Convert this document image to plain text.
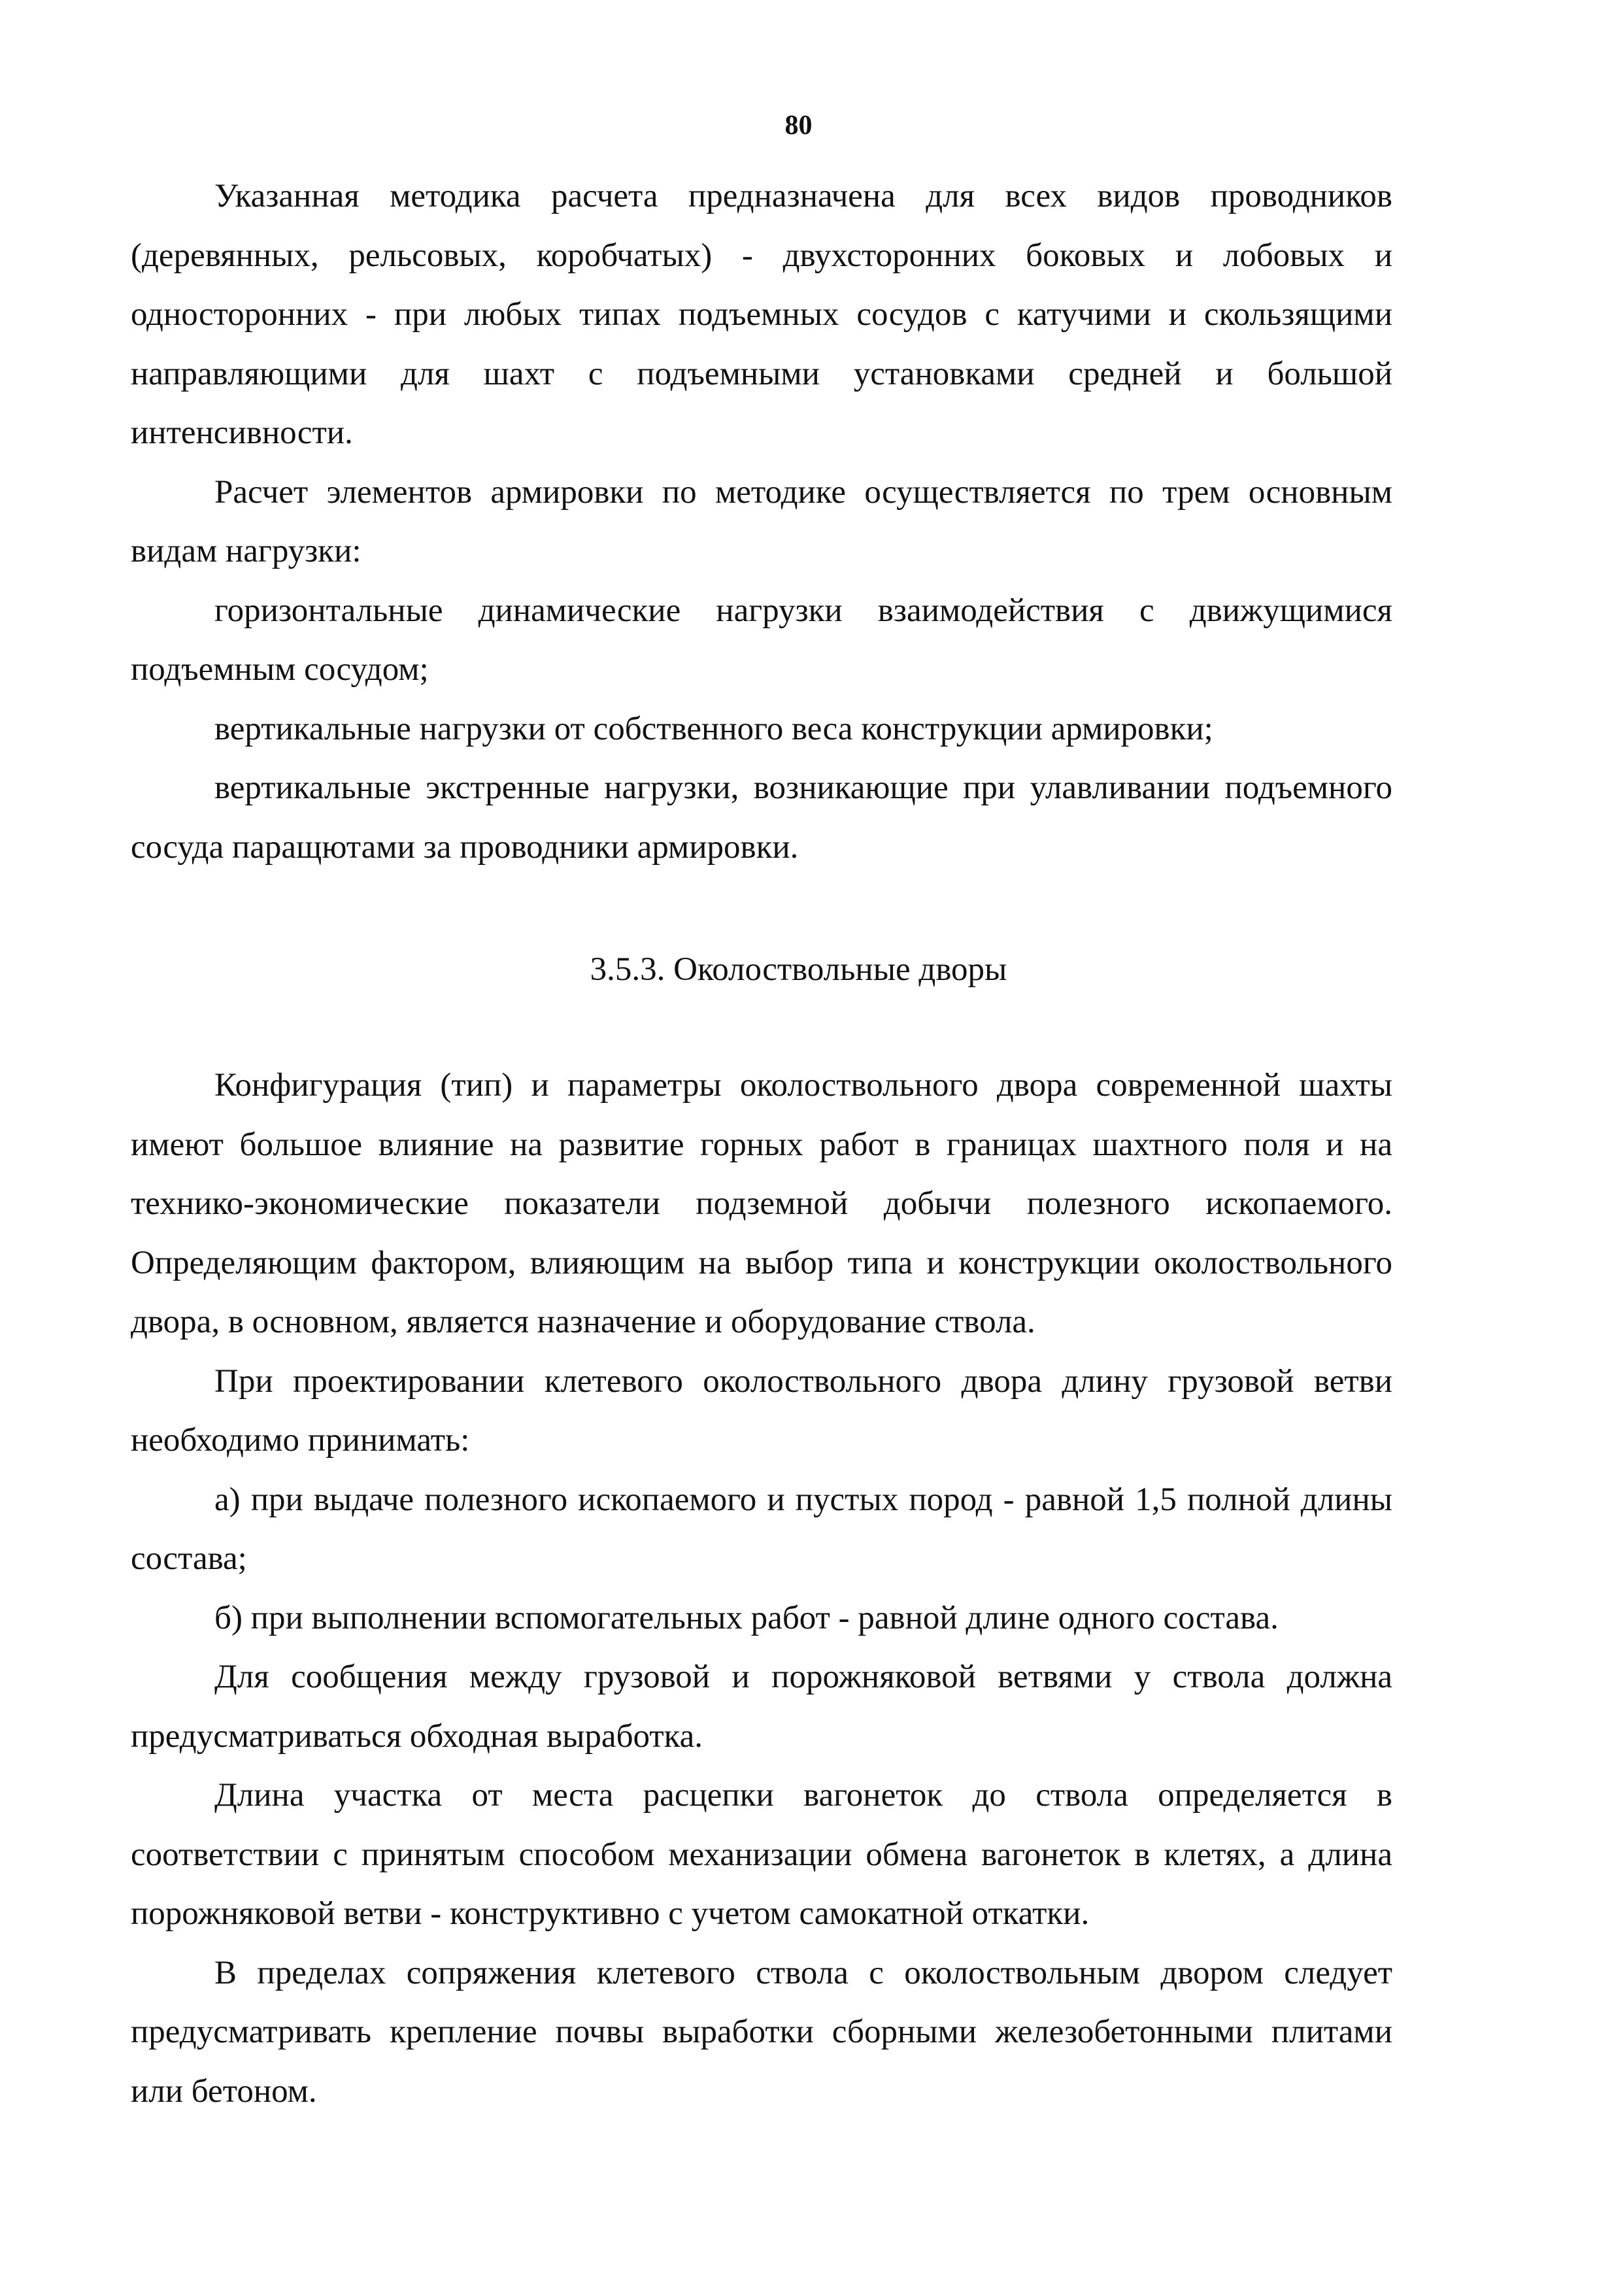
80

Указанная методика расчета предназначена для всех видов проводников (деревянных, рельсовых, коробчатых) - двухсторонних боковых и лобовых и односторонних - при любых типах подъемных сосудов с катучими и скользящими направляющими для шахт с подъемными установками средней и большой интенсивности.

Расчет элементов армировки по методике осуществляется по трем основным видам нагрузки:

горизонтальные динамические нагрузки взаимодействия с движущимися подъемным сосудом;

вертикальные нагрузки от собственного веса конструкции армировки;

вертикальные экстренные нагрузки, возникающие при улавливании подъемного сосуда паращютами за проводники армировки.

3.5.3. Околоствольные дворы

Конфигурация (тип) и параметры околоствольного двора современной шахты имеют большое влияние на развитие горных работ в границах шахтного поля и на технико-экономические показатели подземной добычи полезного ископаемого. Определяющим фактором, влияющим на выбор типа и конструкции околоствольного двора, в основном, является назначение и оборудование ствола.

При проектировании клетевого околоствольного двора длину грузовой ветви необходимо принимать:

а) при выдаче полезного ископаемого и пустых пород - равной 1,5 полной длины состава;

б) при выполнении вспомогательных работ - равной длине одного состава.

Для сообщения между грузовой и порожняковой ветвями у ствола должна предусматриваться обходная выработка.

Длина участка от места расцепки вагонеток до ствола определяется в соответствии с принятым способом механизации обмена вагонеток в клетях, а длина порожняковой ветви - конструктивно с учетом самокатной откатки.

В пределах сопряжения клетевого ствола с околоствольным двором следует предусматривать крепление почвы выработки сборными железобетонными плитами или бетоном.
